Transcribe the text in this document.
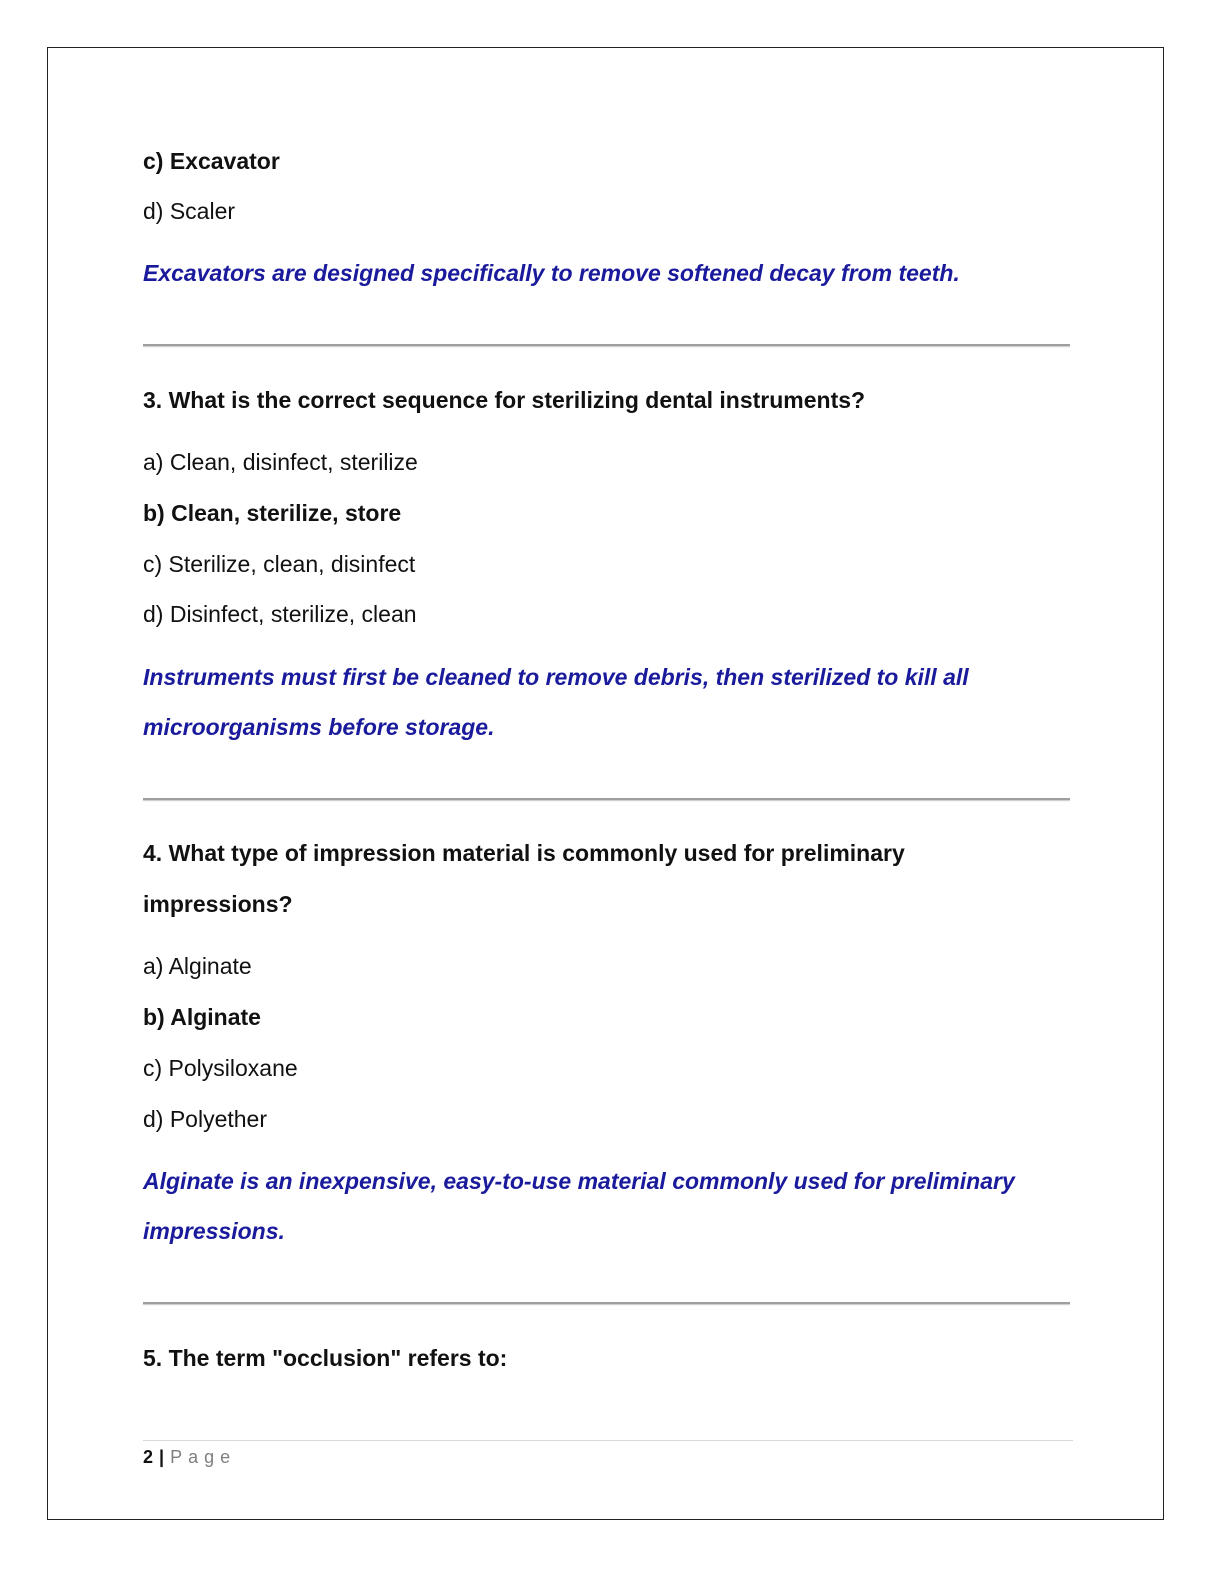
c) Excavator
d) Scaler
Excavators are designed specifically to remove softened decay from teeth.
3. What is the correct sequence for sterilizing dental instruments?
a) Clean, disinfect, sterilize
b) Clean, sterilize, store
c) Sterilize, clean, disinfect
d) Disinfect, sterilize, clean
Instruments must first be cleaned to remove debris, then sterilized to kill all
microorganisms before storage.
4. What type of impression material is commonly used for preliminary
impressions?
a) Alginate
b) Alginate
c) Polysiloxane
d) Polyether
Alginate is an inexpensive, easy-to-use material commonly used for preliminary
impressions.
5. The term "occlusion" refers to:
2 | Page
